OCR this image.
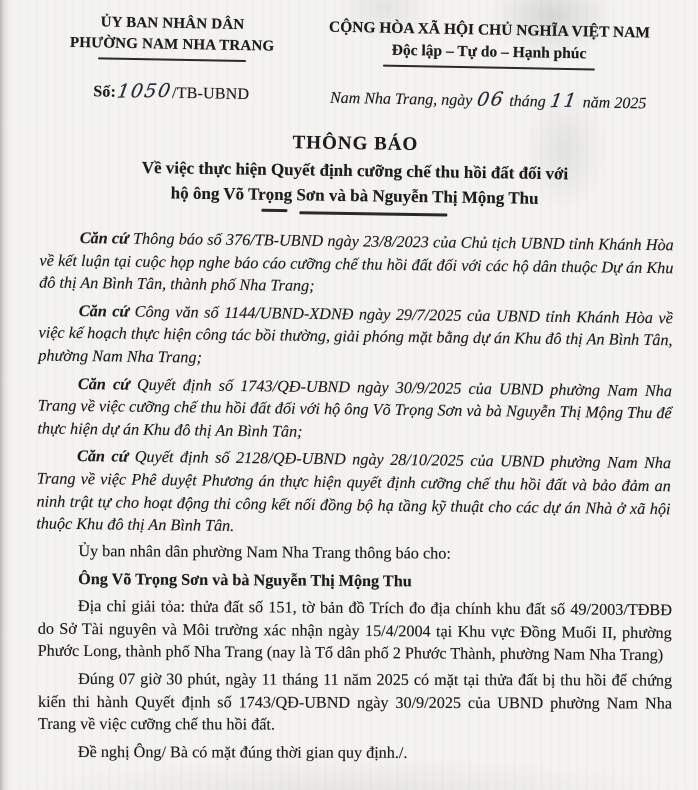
ỦY BAN NHÂN DÂN
PHƯỜNG NAM NHA TRANG
Số:1050/TB-UBND
CỘNG HÒA XÃ HỘI CHỦ NGHĨA VIỆT NAM
Độc lập – Tự do – Hạnh phúc
Nam Nha Trang, ngày 06 tháng 11 năm 2025
THÔNG BÁO
Về việc thực hiện Quyết định cưỡng chế thu hồi đất đối với
hộ ông Võ Trọng Sơn và bà Nguyễn Thị Mộng Thu

Căn cứ Thông báo số 376/TB-UBND ngày 23/8/2023 của Chủ tịch UBND tỉnh Khánh Hòa về kết luận tại cuộc họp nghe báo cáo cưỡng chế thu hồi đất đối với các hộ dân thuộc Dự án Khu đô thị An Bình Tân, thành phố Nha Trang;

Căn cứ Công văn số 1144/UBND-XDNĐ ngày 29/7/2025 của UBND tỉnh Khánh Hòa về việc kế hoạch thực hiện công tác bồi thường, giải phóng mặt bằng dự án Khu đô thị An Bình Tân, phường Nam Nha Trang;

Căn cứ Quyết định số 1743/QĐ-UBND ngày 30/9/2025 của UBND phường Nam Nha Trang về việc cưỡng chế thu hồi đất đối với hộ ông Võ Trọng Sơn và bà Nguyễn Thị Mộng Thu để thực hiện dự án Khu đô thị An Bình Tân;

Căn cứ Quyết định số 2128/QĐ-UBND ngày 28/10/2025 của UBND phường Nam Nha Trang về việc Phê duyệt Phương án thực hiện quyết định cưỡng chế thu hồi đất và bảo đảm an ninh trật tự cho hoạt động thi công kết nối đồng bộ hạ tầng kỹ thuật cho các dự án Nhà ở xã hội thuộc Khu đô thị An Bình Tân.

Ủy ban nhân dân phường Nam Nha Trang thông báo cho:

Ông Võ Trọng Sơn và bà Nguyễn Thị Mộng Thu

Địa chỉ giải tỏa: thửa đất số 151, tờ bản đồ Trích đo địa chính khu đất số 49/2003/TĐBĐ do Sở Tài nguyên và Môi trường xác nhận ngày 15/4/2004 tại Khu vực Đồng Muối II, phường Phước Long, thành phố Nha Trang (nay là Tổ dân phố 2 Phước Thành, phường Nam Nha Trang)

Đúng 07 giờ 30 phút, ngày 11 tháng 11 năm 2025 có mặt tại thửa đất bị thu hồi để chứng kiến thi hành Quyết định số 1743/QĐ-UBND ngày 30/9/2025 của UBND phường Nam Nha Trang về việc cưỡng chế thu hồi đất.

Đề nghị Ông/ Bà có mặt đúng thời gian quy định./.
